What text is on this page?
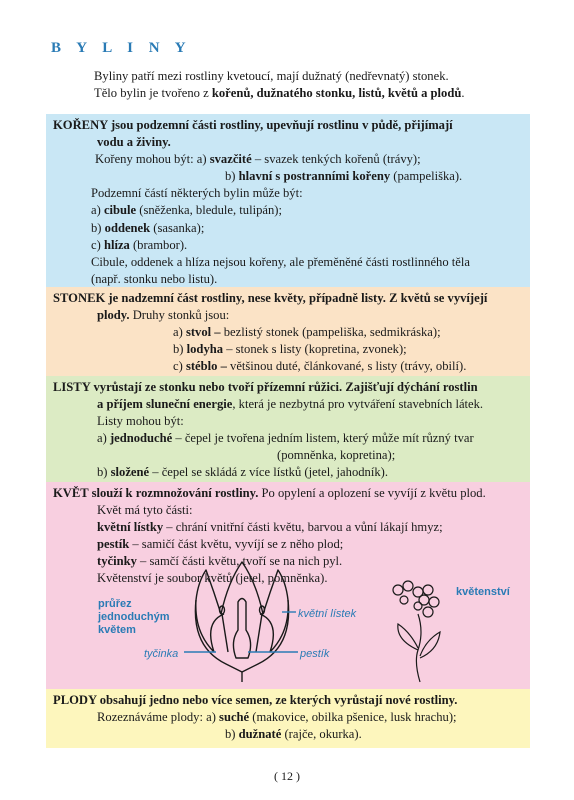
B Y L I N Y

Byliny patří mezi rostliny kvetoucí, mají dužnatý (nedřevnatý) stonek.

Tělo bylin je tvořeno z kořenů, dužnatého stonku, listů, květů a plodů.

KOŘENY jsou podzemní části rostliny, upevňují rostlinu v půdě, přijímají

vodu a živiny.

Kořeny mohou být: a) svazčité – svazek tenkých kořenů (trávy);

b) hlavní s postranními kořeny (pampeliška).

Podzemní částí některých bylin může být:

a) cibule (sněženka, bledule, tulipán);

b) oddenek (sasanka);

c) hlíza (brambor).

Cibule, oddenek a hlíza nejsou kořeny, ale přeměněné části rostlinného těla

(např. stonku nebo listu).

STONEK je nadzemní část rostliny, nese květy, případně listy. Z květů se vyvíjejí

plody. Druhy stonků jsou:

a) stvol – bezlistý stonek (pampeliška, sedmikráska);

b) lodyha – stonek s listy (kopretina, zvonek);

c) stéblo – většinou duté, článkované, s listy (trávy, obilí).

LISTY vyrůstají ze stonku nebo tvoří přízemní růžici. Zajišťují dýchání rostlin

a příjem sluneční energie, která je nezbytná pro vytváření stavebních látek.

Listy mohou být:

a) jednoduché – čepel je tvořena jedním listem, který může mít různý tvar

(pomněnka, kopretina);

b) složené – čepel se skládá z více lístků (jetel, jahodník).

KVĚT slouží k rozmnožování rostliny. Po opylení a oplození se vyvíjí z květu plod.

Květ má tyto části:

květní lístky – chrání vnitřní části květu, barvou a vůní lákají hmyz;

pestík – samičí část květu, vyvíjí se z něho plod;

tyčinky – samčí části květu, tvoří se na nich pyl.

Květenství je soubor květů (jetel, pomněnka).

průřez
jednoduchým
květem
květní lístek
tyčinka	pestík
květenství

PLODY obsahují jedno nebo více semen, ze kterých vyrůstají nové rostliny.

Rozeznáváme plody: a) suché (makovice, obilka pšenice, lusk hrachu);

b) dužnaté (rajče, okurka).

( 12 )
